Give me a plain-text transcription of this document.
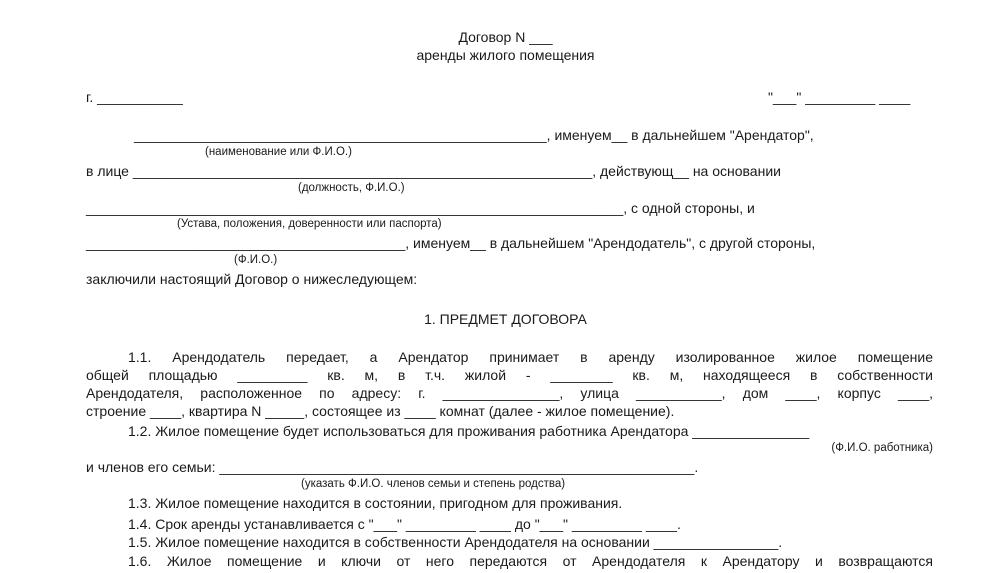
Договор N ___
аренды жилого помещения
г. ___________	"___" _________ ____
_____________________________________________________, именуем__ в дальнейшем "Арендатор",
(наименование или Ф.И.О.)
в лице ___________________________________________________________, действующ__ на основании
(должность, Ф.И.О.)
_____________________________________________________________________, с одной стороны, и
(Устава, положения, доверенности или паспорта)
_________________________________________, именуем__ в дальнейшем "Арендодатель", с другой стороны,
(Ф.И.О.)
заключили настоящий Договор о нижеследующем:
1. ПРЕДМЕТ ДОГОВОРА
1.1. Арендодатель передает, а Арендатор принимает в аренду изолированное жилое помещение
общей площадью _________ кв. м, в т.ч. жилой - ________ кв. м, находящееся в собственности
Арендодателя, расположенное по адресу: г. _______________, улица ___________, дом ____, корпус ____,
строение ____, квартира N _____, состоящее из ____ комнат (далее - жилое помещение).
1.2. Жилое помещение будет использоваться для проживания работника Арендатора _______________
(Ф.И.О. работника)
и членов его семьи: _____________________________________________________________.
(указать Ф.И.О. членов семьи и степень родства)
1.3. Жилое помещение находится в состоянии, пригодном для проживания.
1.4. Срок аренды устанавливается с "___" _________ ____ до "___" _________ ____.
1.5. Жилое помещение находится в собственности Арендодателя на основании ________________.
1.6. Жилое помещение и ключи от него передаются от Арендодателя к Арендатору и возвращаются
